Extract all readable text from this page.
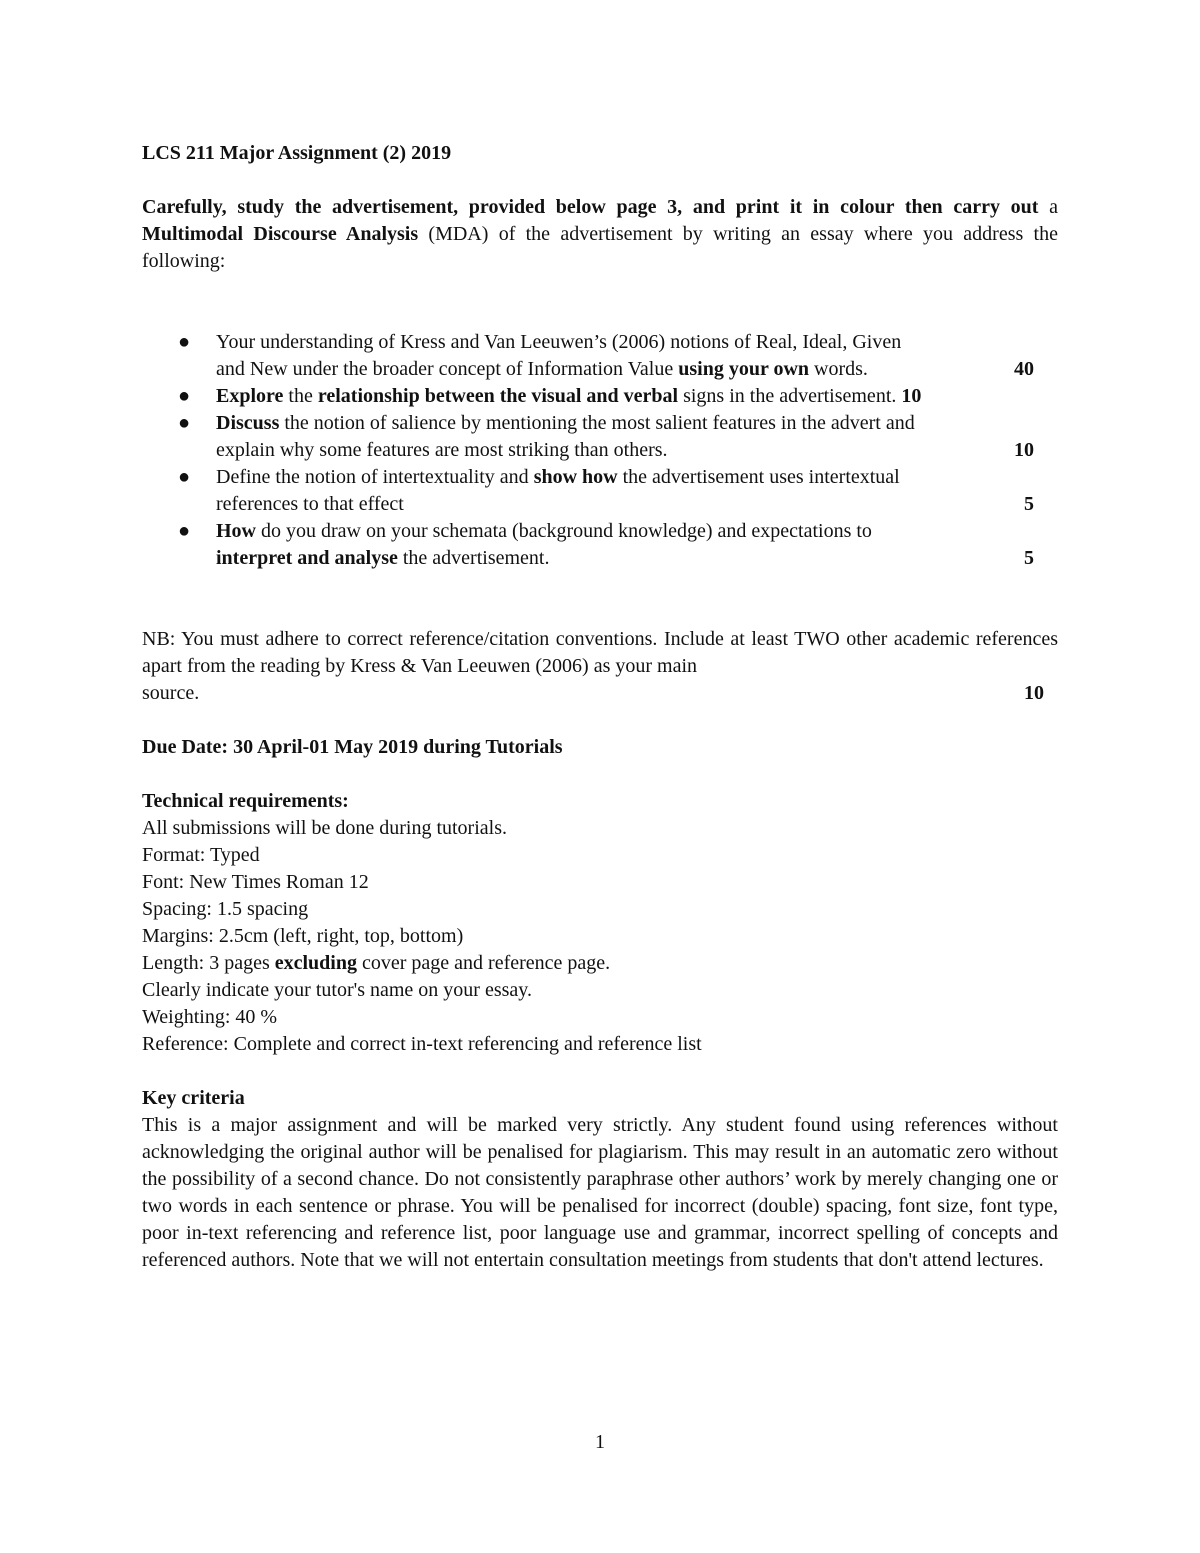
LCS 211 Major Assignment (2) 2019

Carefully, study the advertisement, provided below page 3, and print it in colour then carry out a Multimodal Discourse Analysis (MDA) of the advertisement by writing an essay where you address the following:

● Your understanding of Kress and Van Leeuwen’s (2006) notions of Real, Ideal, Given
and New under the broader concept of Information Value using your own words.	40
● Explore the relationship between the visual and verbal signs in the advertisement. 10
● Discuss the notion of salience by mentioning the most salient features in the advert and
explain why some features are most striking than others.	10
● Define the notion of intertextuality and show how the advertisement uses intertextual
references to that effect	5
● How do you draw on your schemata (background knowledge) and expectations to
interpret and analyse the advertisement.	5

NB: You must adhere to correct reference/citation conventions. Include at least TWO other academic references apart from the reading by Kress & Van Leeuwen (2006) as your main

source.	10

Due Date: 30 April-01 May 2019 during Tutorials

Technical requirements:

All submissions will be done during tutorials.

Format: Typed

Font: New Times Roman 12

Spacing: 1.5 spacing

Margins: 2.5cm (left, right, top, bottom)

Length: 3 pages excluding cover page and reference page.

Clearly indicate your tutor's name on your essay.

Weighting: 40 %

Reference: Complete and correct in-text referencing and reference list

Key criteria

This is a major assignment and will be marked very strictly. Any student found using references without acknowledging the original author will be penalised for plagiarism. This may result in an automatic zero without the possibility of a second chance. Do not consistently paraphrase other authors’ work by merely changing one or two words in each sentence or phrase. You will be penalised for incorrect (double) spacing, font size, font type, poor in-text referencing and reference list, poor language use and grammar, incorrect spelling of concepts and referenced authors. Note that we will not entertain consultation meetings from students that don't attend lectures.

1
